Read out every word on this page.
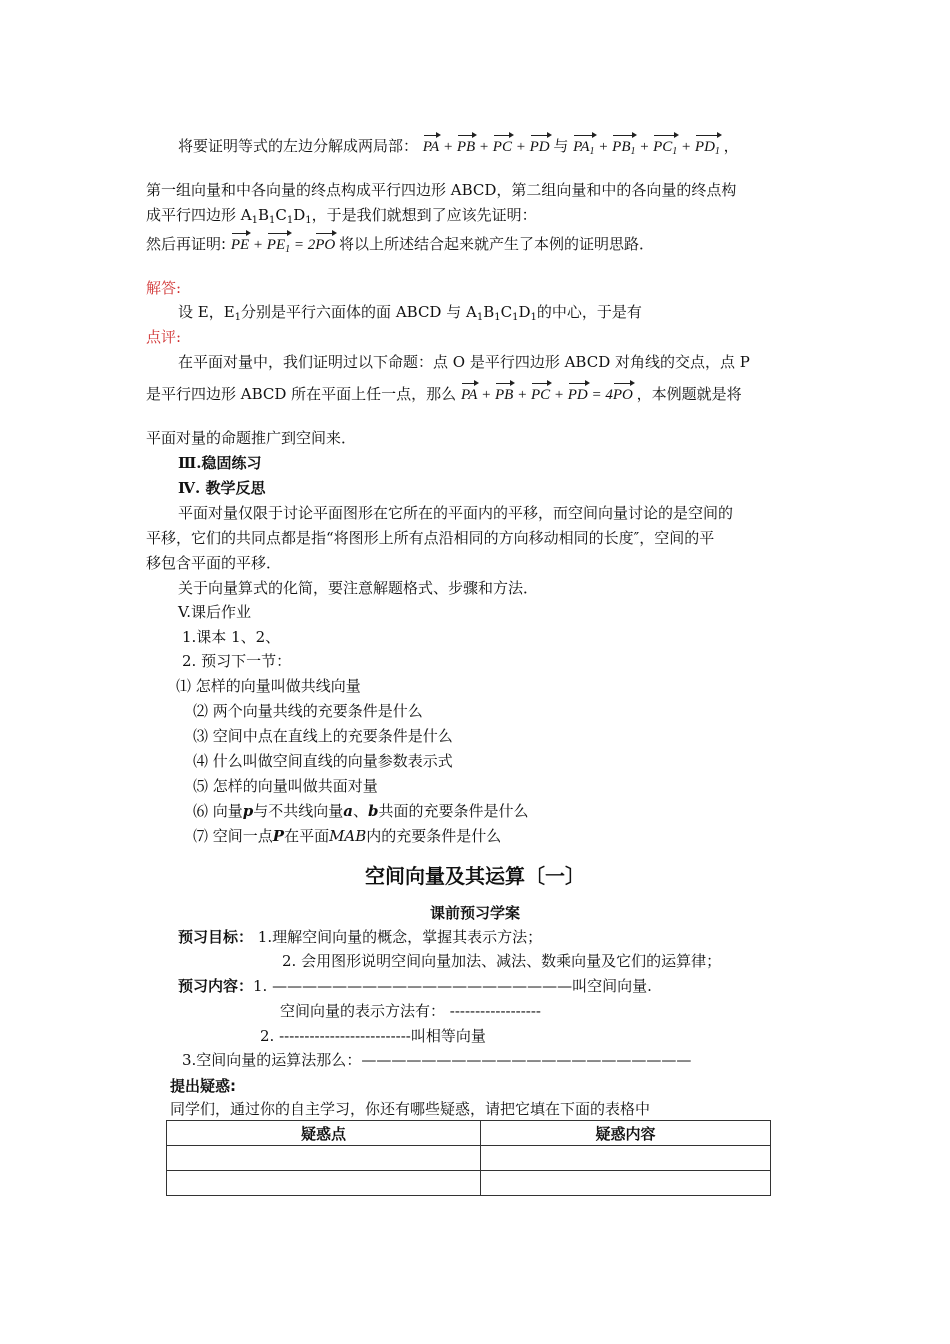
将要证明等式的左边分解成两局部： PA + PB + PC + PD 与 $PA_1 + PB_1 + PC_1 + PD_1$ ，
第一组向量和中各向量的终点构成平行四边形 ABCD，第二组向量和中的各向量的终点构
成平行四边形 $A_1B_1C_1D_1$，于是我们就想到了应该先证明：
然后再证明: PE + $PE_1 = 2PO$ 将以上所述结合起来就产生了本例的证明思路．
解答:
设 E，$E_1$分别是平行六面体的面 ABCD 与 $A_1B_1C_1D_1$的中心，于是有
点评:
在平面对量中，我们证明过以下命题：点 O 是平行四边形 ABCD 对角线的交点，点 P
是平行四边形 ABCD 所在平面上任一点，那么 PA + PB + PC + PD = 4PO ，本例题就是将
平面对量的命题推广到空间来．
Ⅲ.稳固练习
Ⅳ. 教学反思
平面对量仅限于讨论平面图形在它所在的平面内的平移，而空间向量讨论的是空间的
平移，它们的共同点都是指“将图形上所有点沿相同的方向移动相同的长度″，空间的平
移包含平面的平移．
关于向量算式的化简，要注意解题格式、步骤和方法．
V.课后作业
1.课本 1、2、
2. 预习下一节：
⑴ 怎样的向量叫做共线向量
⑵ 两个向量共线的充要条件是什么
⑶ 空间中点在直线上的充要条件是什么
⑷ 什么叫做空间直线的向量参数表示式
⑸ 怎样的向量叫做共面对量
⑹ 向量p与不共线向量a、b共面的充要条件是什么
⑺ 空间一点P在平面MAB内的充要条件是什么
空间向量及其运算〔一〕
课前预习学案
预习目标： 1.理解空间向量的概念，掌握其表示方法；
2. 会用图形说明空间向量加法、减法、数乘向量及它们的运算律；
预习内容：1. ————————————————————叫空间向量.
空间向量的表示方法有： ------------------
2. --------------------------叫相等向量
3.空间向量的运算法那么：——————————————————————
提出疑惑:
同学们，通过你的自主学习，你还有哪些疑惑，请把它填在下面的表格中
疑惑点	疑惑内容
